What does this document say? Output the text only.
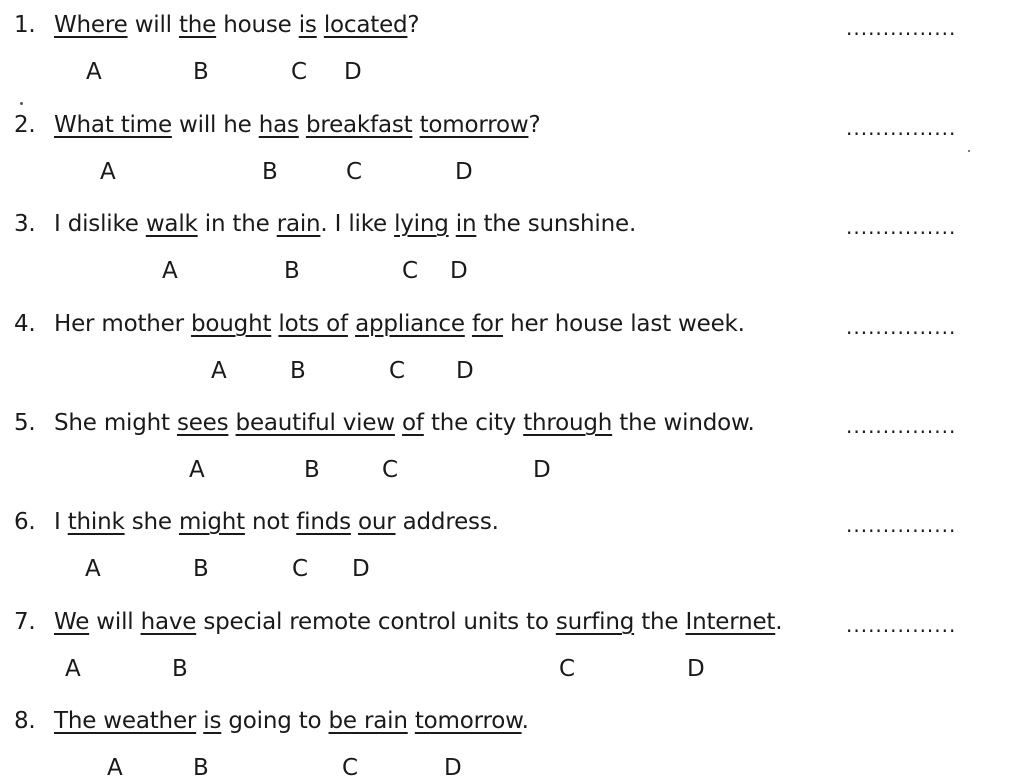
1. Where will the house is located?	...............
A	B	C D
2. What time will he has breakfast tomorrow?	...............
A	B	C	D
3. I dislike walk in the rain. I like lying in the sunshine.	...............
A	B	C D
4. Her mother bought lots of appliance for her house last week.	...............
A	B	C D
5. She might sees beautiful view of the city through the window.	...............
A	B	C	D
6. I think she might not finds our address.	...............
A	B	C D
7. We will have special remote control units to surfing the Internet.	...............
A	B	C	D
8. The weather is going to be rain tomorrow.
A	B	C	D
